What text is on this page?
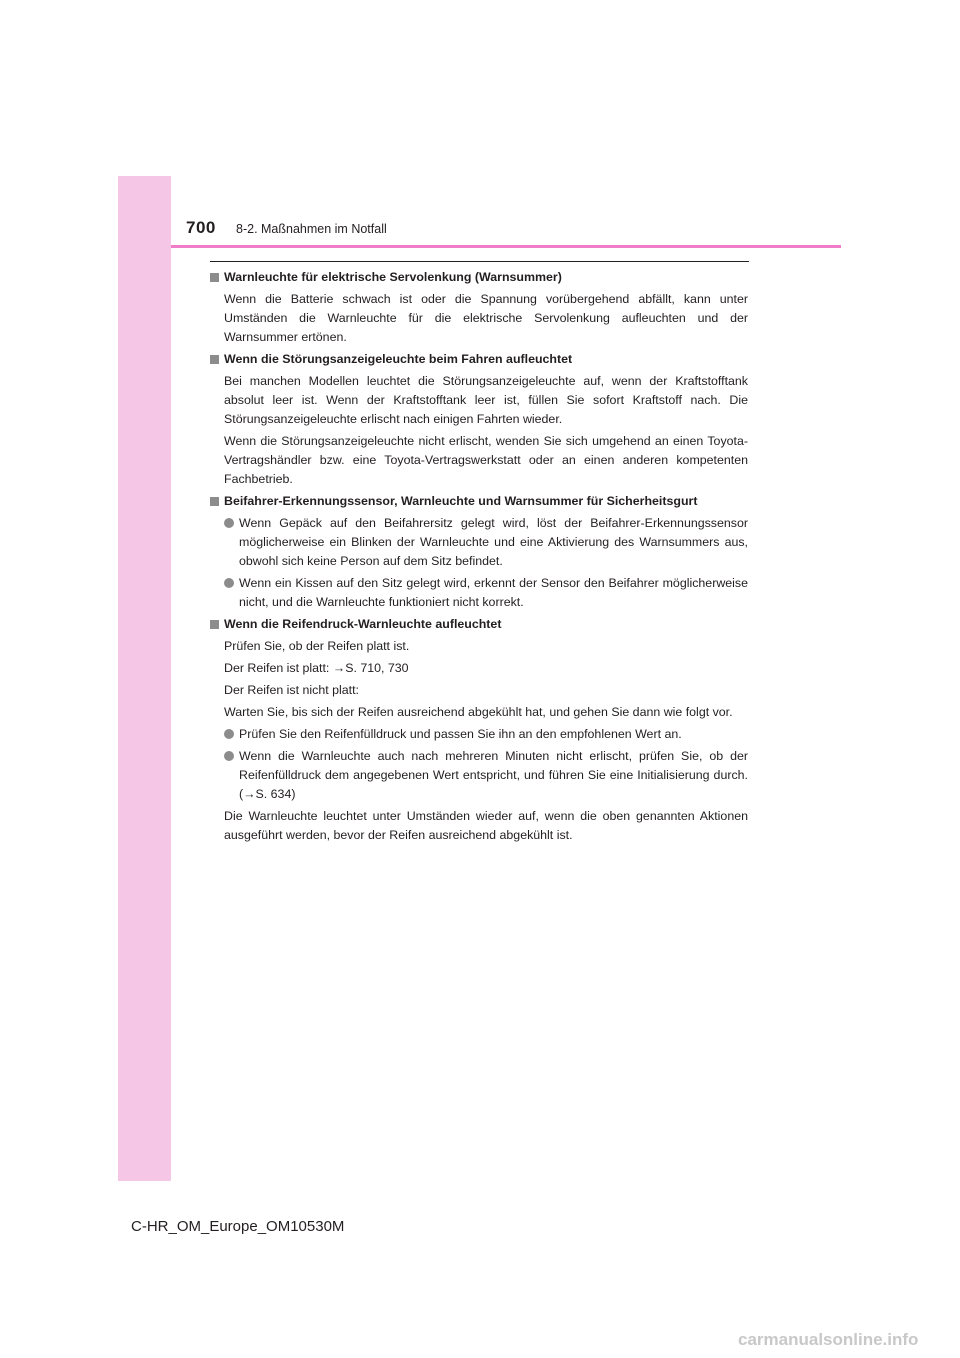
700 8-2. Maßnahmen im Notfall
Warnleuchte für elektrische Servolenkung (Warnsummer)
Wenn die Batterie schwach ist oder die Spannung vorübergehend abfällt, kann unter Umständen die Warnleuchte für die elektrische Servolenkung aufleuchten und der Warnsummer ertönen.
Wenn die Störungsanzeigeleuchte beim Fahren aufleuchtet
Bei manchen Modellen leuchtet die Störungsanzeigeleuchte auf, wenn der Kraftstofftank absolut leer ist. Wenn der Kraftstofftank leer ist, füllen Sie sofort Kraftstoff nach. Die Störungsanzeigeleuchte erlischt nach einigen Fahrten wieder.
Wenn die Störungsanzeigeleuchte nicht erlischt, wenden Sie sich umgehend an einen Toyota-Vertragshändler bzw. eine Toyota-Vertragswerkstatt oder an einen anderen kompetenten Fachbetrieb.
Beifahrer-Erkennungssensor, Warnleuchte und Warnsummer für Sicherheitsgurt
Wenn Gepäck auf den Beifahrersitz gelegt wird, löst der Beifahrer-Erkennungssensor möglicherweise ein Blinken der Warnleuchte und eine Aktivierung des Warnsummers aus, obwohl sich keine Person auf dem Sitz befindet.
Wenn ein Kissen auf den Sitz gelegt wird, erkennt der Sensor den Beifahrer möglicherweise nicht, und die Warnleuchte funktioniert nicht korrekt.
Wenn die Reifendruck-Warnleuchte aufleuchtet
Prüfen Sie, ob der Reifen platt ist.
Der Reifen ist platt: →S. 710, 730
Der Reifen ist nicht platt:
Warten Sie, bis sich der Reifen ausreichend abgekühlt hat, und gehen Sie dann wie folgt vor.
Prüfen Sie den Reifenfülldruck und passen Sie ihn an den empfohlenen Wert an.
Wenn die Warnleuchte auch nach mehreren Minuten nicht erlischt, prüfen Sie, ob der Reifenfülldruck dem angegebenen Wert entspricht, und führen Sie eine Initialisierung durch. (→S. 634)
Die Warnleuchte leuchtet unter Umständen wieder auf, wenn die oben genannten Aktionen ausgeführt werden, bevor der Reifen ausreichend abgekühlt ist.
C-HR_OM_Europe_OM10530M
carmanualsonline.info
